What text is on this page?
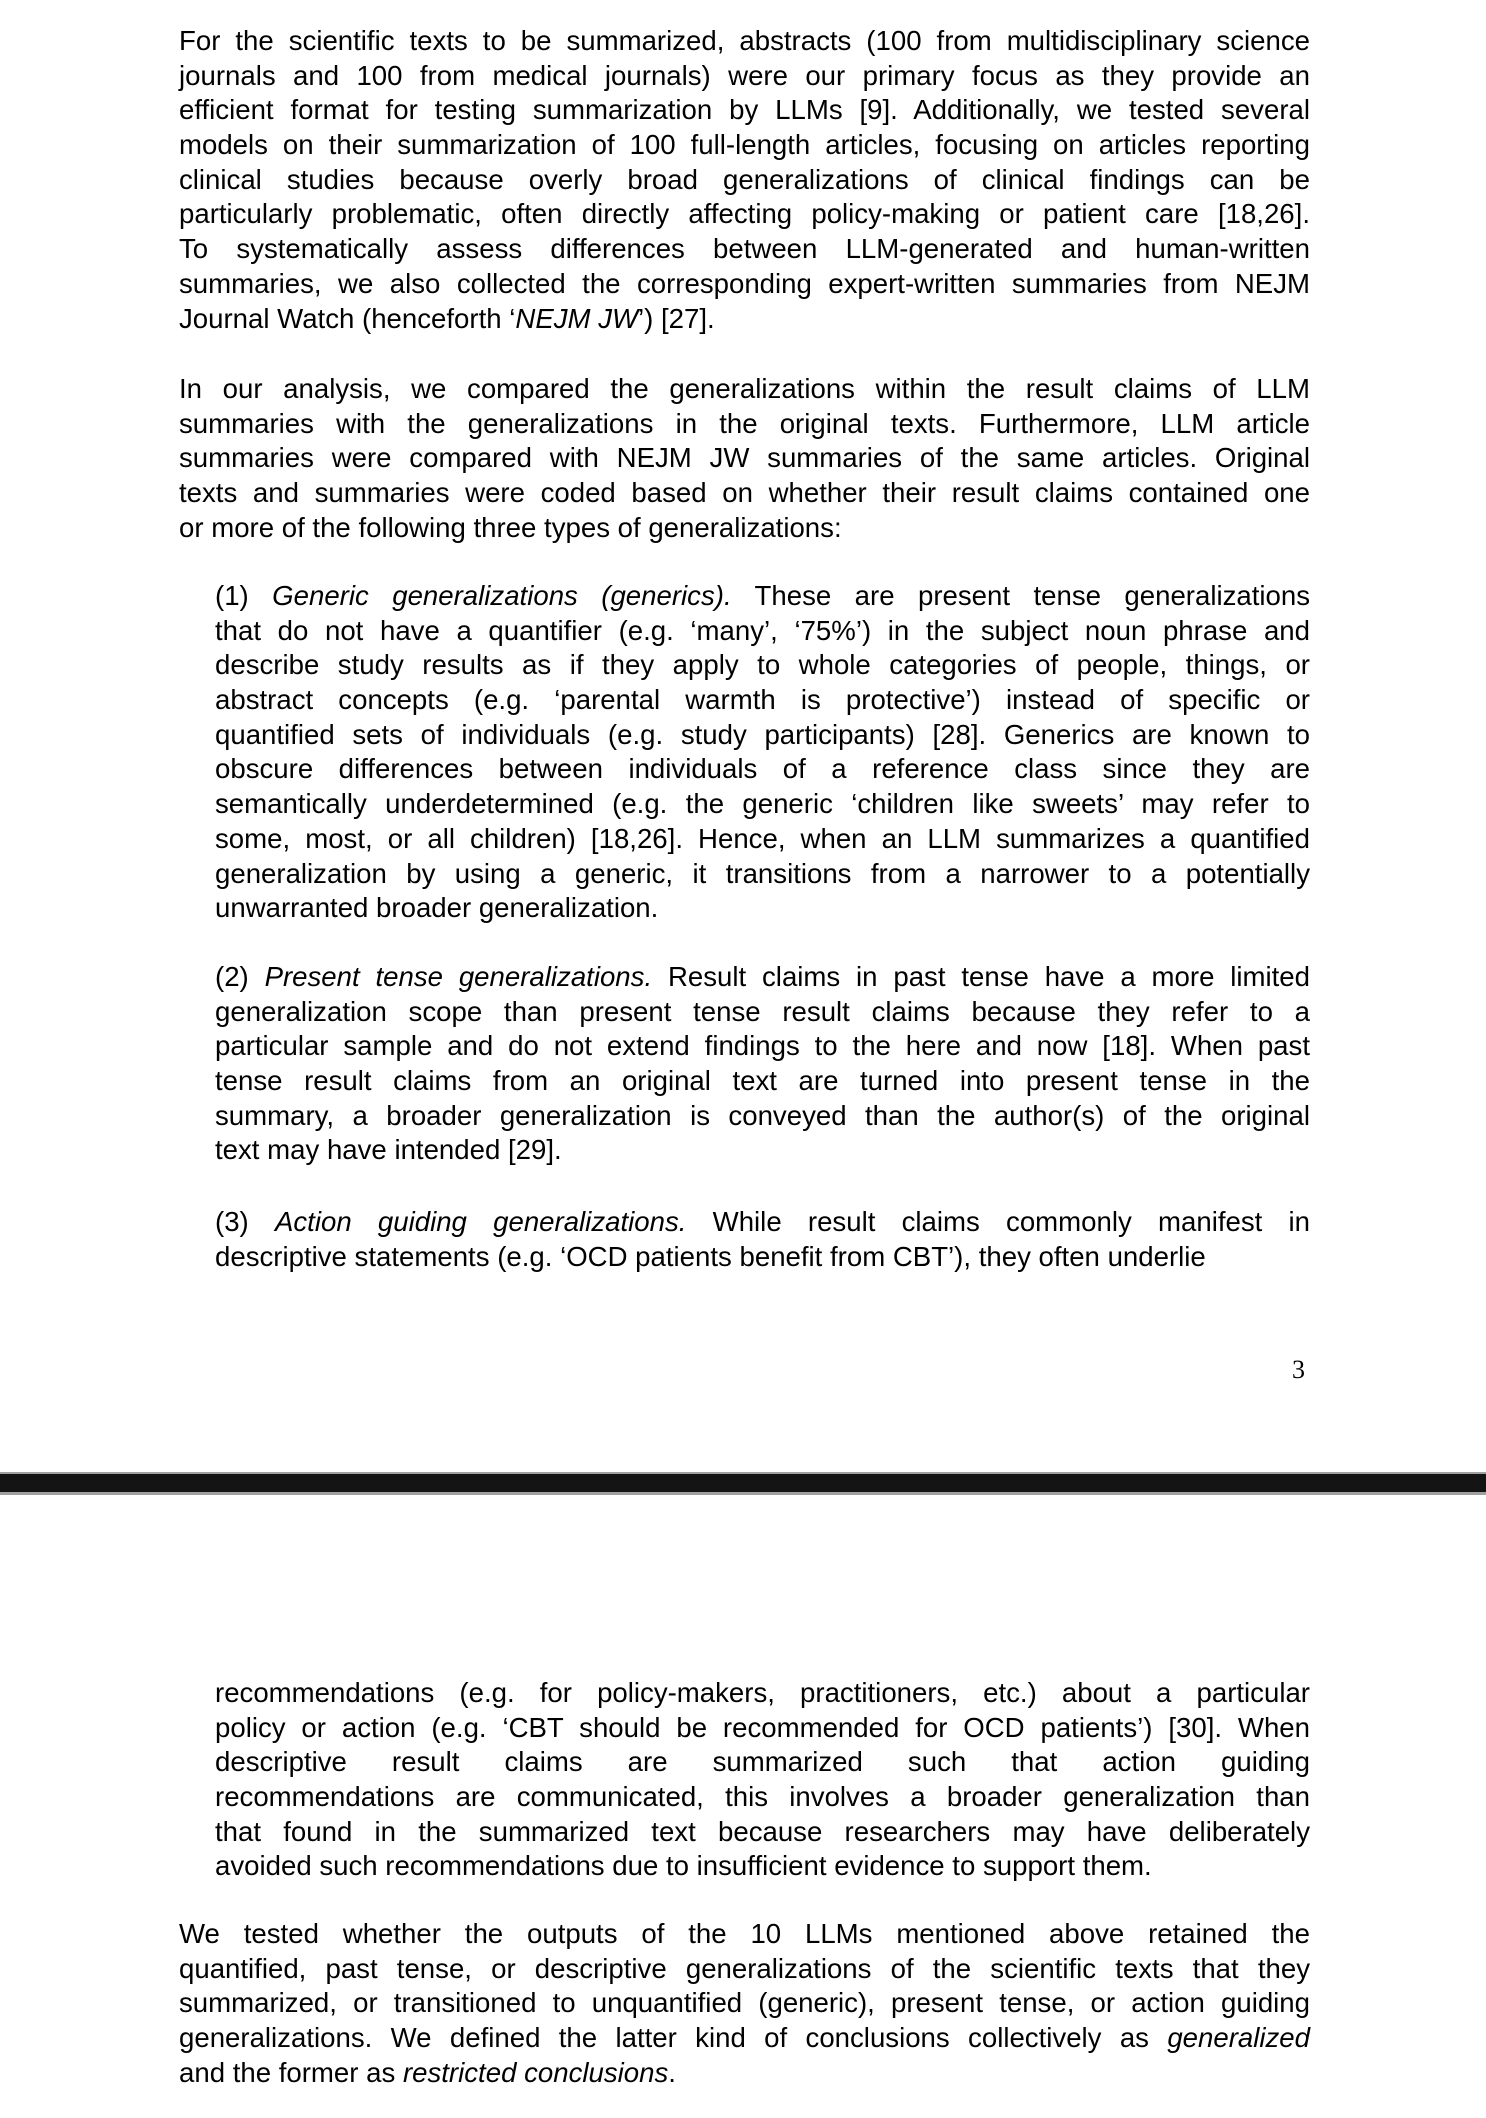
For the scientific texts to be summarized, abstracts (100 from multidisciplinary science
journals and 100 from medical journals) were our primary focus as they provide an
efficient format for testing summarization by LLMs [9]. Additionally, we tested several
models on their summarization of 100 full-length articles, focusing on articles reporting
clinical studies because overly broad generalizations of clinical findings can be
particularly problematic, often directly affecting policy-making or patient care [18,26].
To systematically assess differences between LLM-generated and human-written
summaries, we also collected the corresponding expert-written summaries from NEJM
Journal Watch (henceforth ‘NEJM JW’) [27].
In our analysis, we compared the generalizations within the result claims of LLM
summaries with the generalizations in the original texts. Furthermore, LLM article
summaries were compared with NEJM JW summaries of the same articles. Original
texts and summaries were coded based on whether their result claims contained one
or more of the following three types of generalizations:
(1) Generic generalizations (generics). These are present tense generalizations
that do not have a quantifier (e.g. ‘many’, ‘75%’) in the subject noun phrase and
describe study results as if they apply to whole categories of people, things, or
abstract concepts (e.g. ‘parental warmth is protective’) instead of specific or
quantified sets of individuals (e.g. study participants) [28]. Generics are known to
obscure differences between individuals of a reference class since they are
semantically underdetermined (e.g. the generic ‘children like sweets’ may refer to
some, most, or all children) [18,26]. Hence, when an LLM summarizes a quantified
generalization by using a generic, it transitions from a narrower to a potentially
unwarranted broader generalization.
(2) Present tense generalizations. Result claims in past tense have a more limited
generalization scope than present tense result claims because they refer to a
particular sample and do not extend findings to the here and now [18]. When past
tense result claims from an original text are turned into present tense in the
summary, a broader generalization is conveyed than the author(s) of the original
text may have intended [29].
(3) Action guiding generalizations. While result claims commonly manifest in
descriptive statements (e.g. ‘OCD patients benefit from CBT’), they often underlie
3
recommendations (e.g. for policy-makers, practitioners, etc.) about a particular
policy or action (e.g. ‘CBT should be recommended for OCD patients’) [30]. When
descriptive result claims are summarized such that action guiding
recommendations are communicated, this involves a broader generalization than
that found in the summarized text because researchers may have deliberately
avoided such recommendations due to insufficient evidence to support them.
We tested whether the outputs of the 10 LLMs mentioned above retained the
quantified, past tense, or descriptive generalizations of the scientific texts that they
summarized, or transitioned to unquantified (generic), present tense, or action guiding
generalizations. We defined the latter kind of conclusions collectively as generalized
and the former as restricted conclusions.
